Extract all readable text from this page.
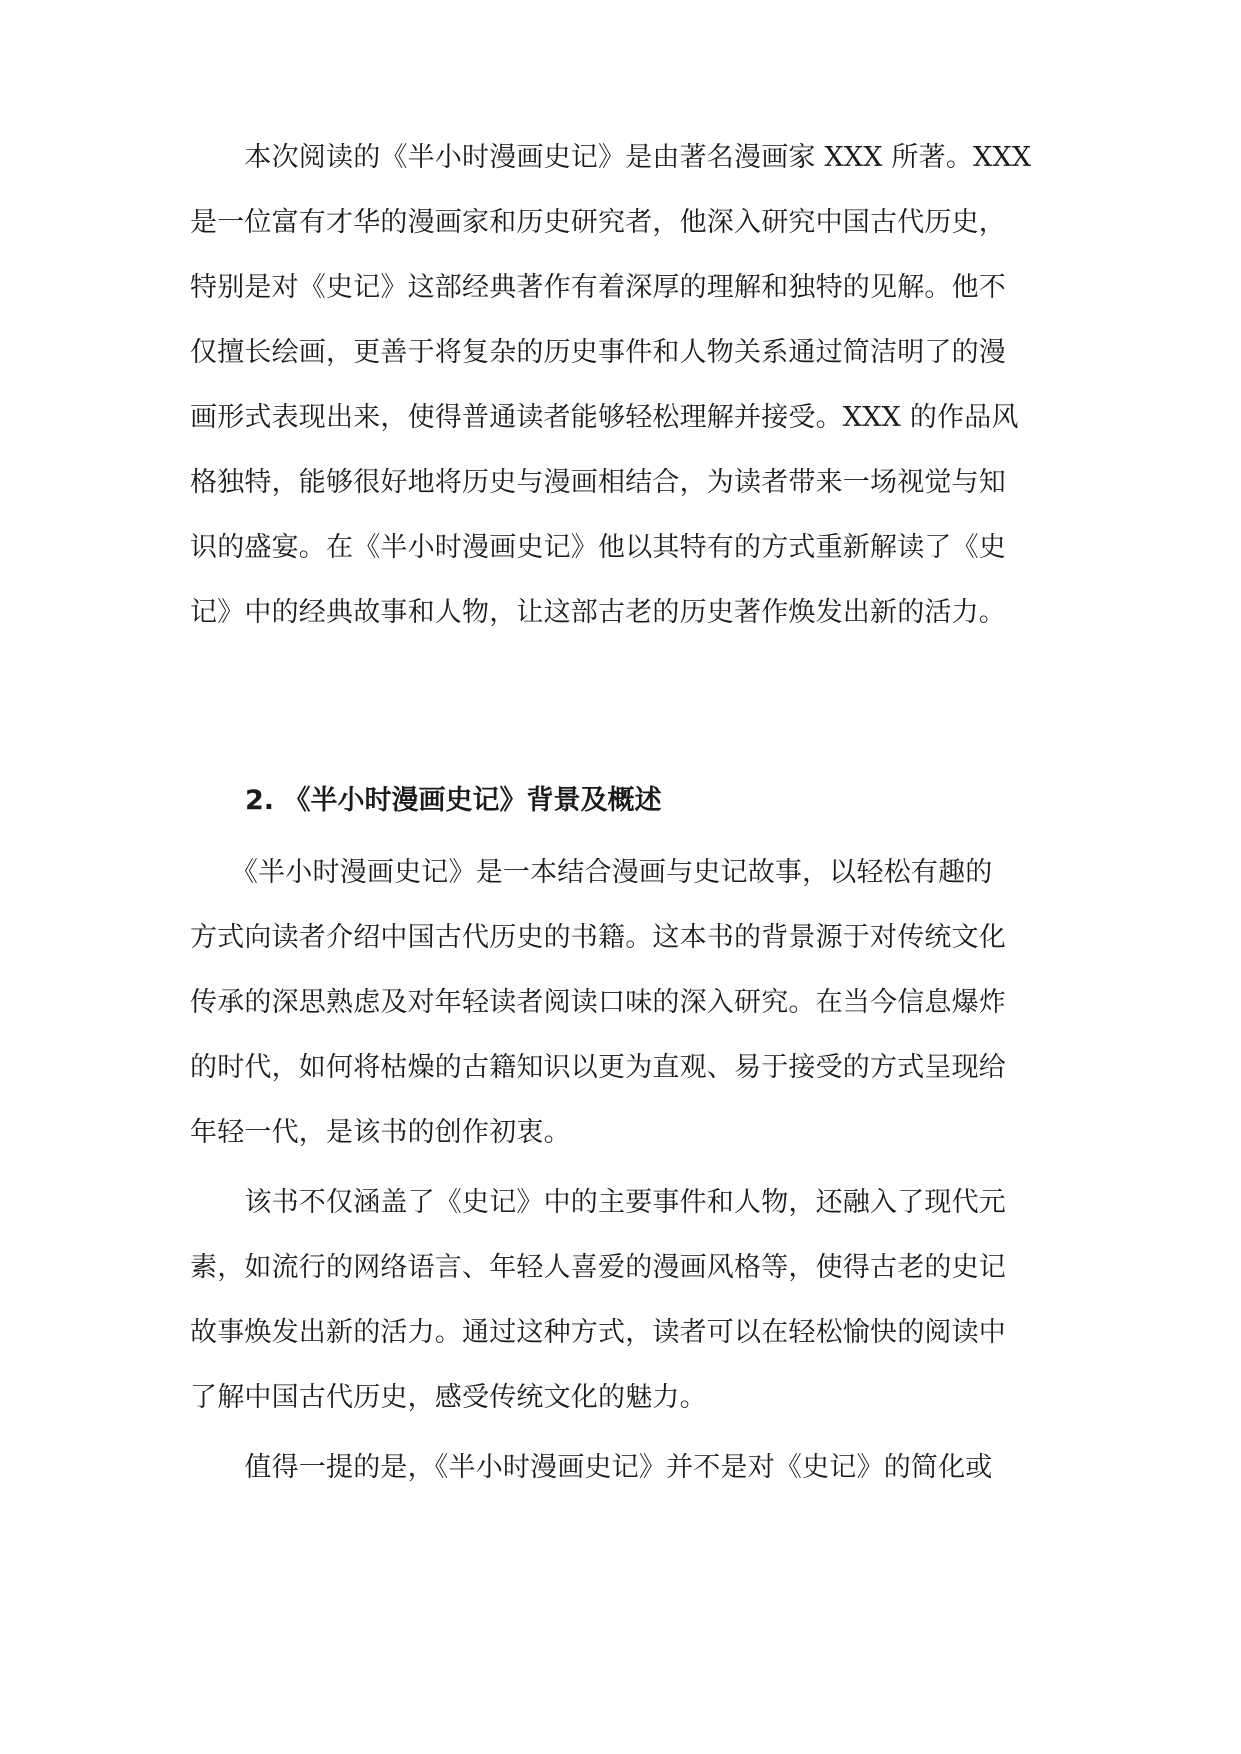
　　本次阅读的《半小时漫画史记》是由著名漫画家 XXX 所著。XXX
是一位富有才华的漫画家和历史研究者，他深入研究中国古代历史，
特别是对《史记》这部经典著作有着深厚的理解和独特的见解。他不
仅擅长绘画，更善于将复杂的历史事件和人物关系通过简洁明了的漫
画形式表现出来，使得普通读者能够轻松理解并接受。XXX 的作品风
格独特，能够很好地将历史与漫画相结合，为读者带来一场视觉与知
识的盛宴。在《半小时漫画史记》他以其特有的方式重新解读了《史
记》中的经典故事和人物，让这部古老的历史著作焕发出新的活力。
2. 《半小时漫画史记》背景及概述
　　《半小时漫画史记》是一本结合漫画与史记故事，以轻松有趣的
方式向读者介绍中国古代历史的书籍。这本书的背景源于对传统文化
传承的深思熟虑及对年轻读者阅读口味的深入研究。在当今信息爆炸
的时代，如何将枯燥的古籍知识以更为直观、易于接受的方式呈现给
年轻一代，是该书的创作初衷。
　　该书不仅涵盖了《史记》中的主要事件和人物，还融入了现代元
素，如流行的网络语言、年轻人喜爱的漫画风格等，使得古老的史记
故事焕发出新的活力。通过这种方式，读者可以在轻松愉快的阅读中
了解中国古代历史，感受传统文化的魅力。
　　值得一提的是，《半小时漫画史记》并不是对《史记》的简化或
